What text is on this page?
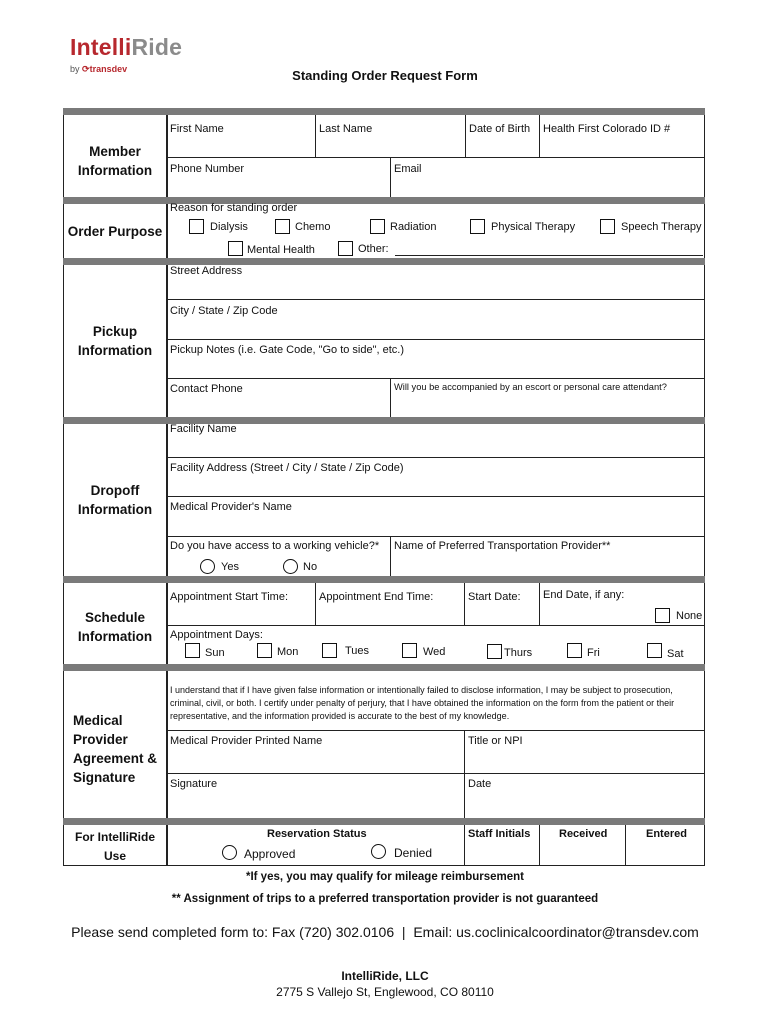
IntelliRide
by ⟳transdev	Standing Order Request Form
Member Information
First Name	Last Name	Date of Birth Health First Colorado ID #
Phone Number	Email
Order Purpose
Reason for standing order
Dialysis	Chemo	Radiation	Physical Therapy	Speech Therapy
Mental Health	Other:
Pickup Information
Street Address
City / State / Zip Code
Pickup Notes (i.e. Gate Code, "Go to side", etc.)
Contact Phone	Will you be accompanied by an escort or personal care attendant?
Dropoff Information
Facility Name
Facility Address (Street / City / State / Zip Code)
Medical Provider's Name
Do you have access to a working vehicle?* Name of Preferred Transportation Provider**
Yes	No
Schedule Information
Appointment Start Time:	Appointment End Time:	Start Date: End Date, if any:
None
Appointment Days:
Sun	Mon	Tues	Wed	Thurs	Fri	Sat
Medical Provider Agreement & Signature
I understand that if I have given false information or intentionally failed to disclose information, I may be subject to prosecution, criminal, civil, or both. I certify under penalty of perjury, that I have obtained the information on the form from the patient or their representative, and the information provided is accurate to the best of my knowledge.
Medical Provider Printed Name	Title or NPI
Signature	Date
For IntelliRide Use
Reservation Status
Approved	Denied
Staff Initials	Received	Entered
*If yes, you may qualify for mileage reimbursement
** Assignment of trips to a preferred transportation provider is not guaranteed
Please send completed form to: Fax (720) 302.0106  |  Email: us.coclinicalcoordinator@transdev.com
IntelliRide, LLC
2775 S Vallejo St, Englewood, CO 80110
